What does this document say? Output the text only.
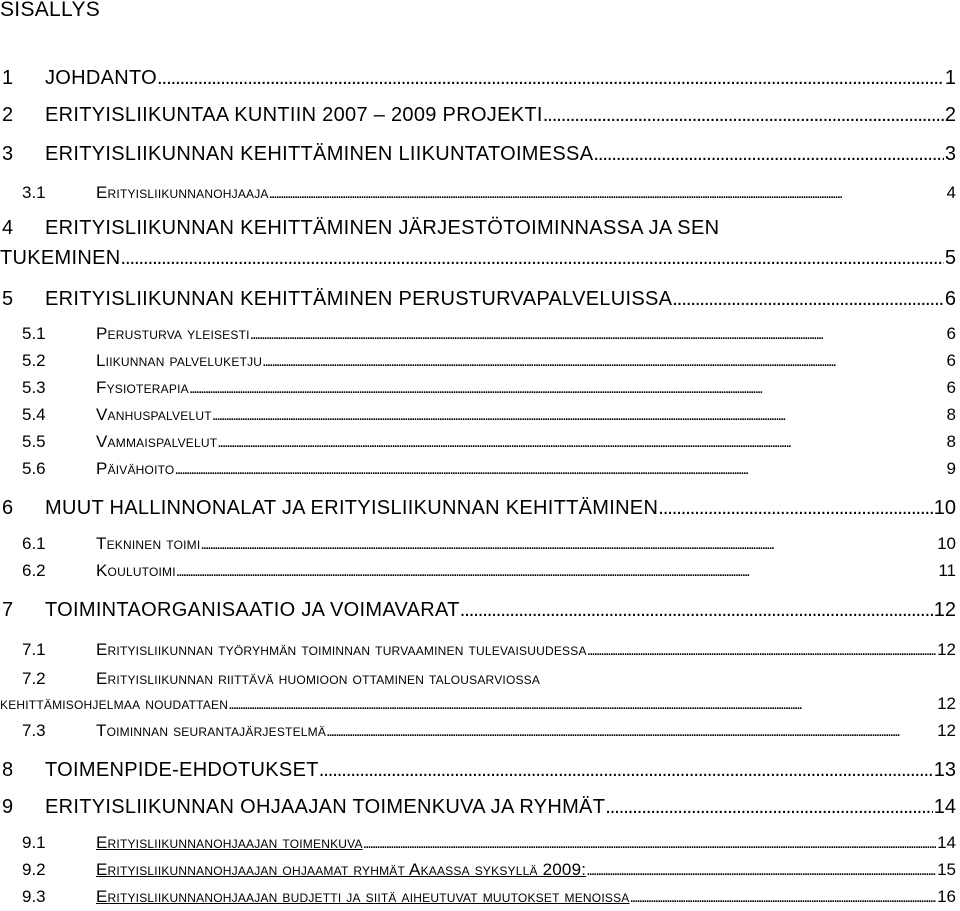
SISÄLLYS
1	JOHDANTO . . .	1
2	ERITYISLIIKUNTAA KUNTIIN 2007 – 2009 PROJEKTI . . .	2
3	ERITYISLIIKUNNAN KEHITTÄMINEN LIIKUNTATOIMESSA . . .	3
3.1	Erityisliikunnanohjaaja . . .	4
4	ERITYISLIIKUNNAN KEHITTÄMINEN JÄRJESTÖTOIMINNASSA JA SEN
TUKEMINEN . . .	5
5	ERITYISLIIKUNNAN KEHITTÄMINEN PERUSTURVAPALVELUISSA . . .	6
5.1	Perusturva yleisesti . . .	6
5.2	Liikunnan palveluketju . . .	6
5.3	Fysioterapia . . .	6
5.4	Vanhuspalvelut . . .	8
5.5	Vammaispalvelut . . .	8
5.6	Päivähoito . . .	9
6	MUUT HALLINNONALAT JA ERITYISLIIKUNNAN KEHITTÄMINEN . . .	10
6.1	Tekninen toimi . . .	10
6.2	Koulutoimi . . .	11
7	TOIMINTAORGANISAATIO JA VOIMAVARAT . . .	12
7.1	Erityisliikunnan työryhmän toiminnan turvaaminen tulevaisuudessa . . .	12
7.2	Erityisliikunnan riittävä huomioon ottaminen talousarviossa
kehittämisohjelmaa noudattaen . . .	12
7.3	Toiminnan seurantajärjestelmä . . .	12
8	TOIMENPIDE-EHDOTUKSET . . .	13
9	ERITYISLIIKUNNAN OHJAAJAN TOIMENKUVA JA RYHMÄT . . .	14
9.1	Erityisliikunnanohjaajan toimenkuva . . .	14
9.2	Erityisliikunnanohjaajan ohjaamat ryhmät Akaassa syksyllä 2009: . . .	15
9.3	Erityisliikunnanohjaajan budjetti ja siitä aiheutuvat muutokset menoissa . . .	16
